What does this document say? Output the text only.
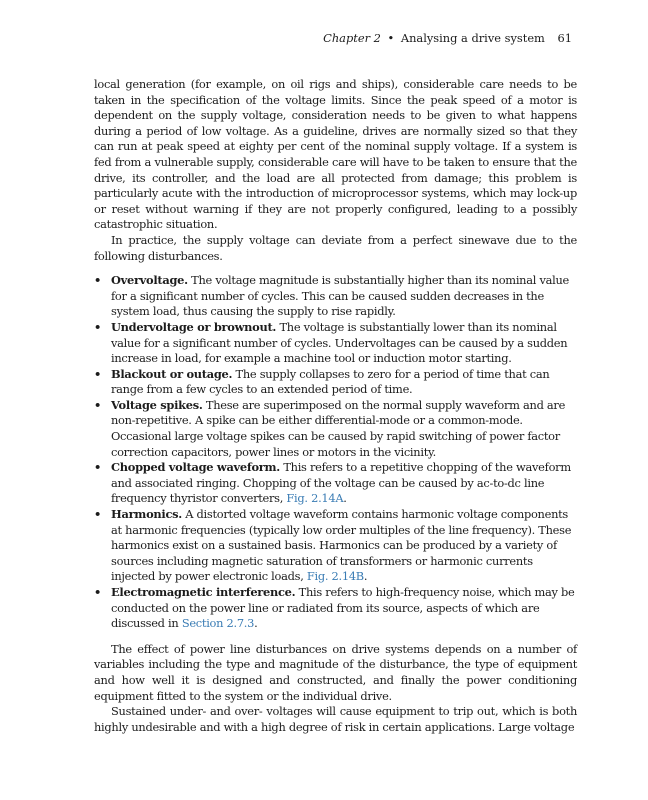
Chapter 2 • Analysing a drive system 61

local generation (for example, on oil rigs and ships), considerable care needs to be taken in the specification of the voltage limits. Since the peak speed of a motor is dependent on the supply voltage, consideration needs to be given to what happens during a period of low voltage. As a guideline, drives are normally sized so that they can run at peak speed at eighty per cent of the nominal supply voltage. If a system is fed from a vulnerable supply, considerable care will have to be taken to ensure that the drive, its controller, and the load are all protected from damage; this problem is particularly acute with the introduction of microprocessor systems, which may lock-up or reset without warning if they are not properly configured, leading to a possibly catastrophic situation.

In practice, the supply voltage can deviate from a perfect sinewave due to the following disturbances.

• Overvoltage. The voltage magnitude is substantially higher than its nominal value for a significant number of cycles. This can be caused sudden decreases in the system load, thus causing the supply to rise rapidly.
• Undervoltage or brownout. The voltage is substantially lower than its nominal value for a significant number of cycles. Undervoltages can be caused by a sudden increase in load, for example a machine tool or induction motor starting.
• Blackout or outage. The supply collapses to zero for a period of time that can range from a few cycles to an extended period of time.
• Voltage spikes. These are superimposed on the normal supply waveform and are non-repetitive. A spike can be either differential-mode or a common-mode. Occasional large voltage spikes can be caused by rapid switching of power factor correction capacitors, power lines or motors in the vicinity.
• Chopped voltage waveform. This refers to a repetitive chopping of the waveform and associated ringing. Chopping of the voltage can be caused by ac-to-dc line frequency thyristor converters, Fig. 2.14A.
• Harmonics. A distorted voltage waveform contains harmonic voltage components at harmonic frequencies (typically low order multiples of the line frequency). These harmonics exist on a sustained basis. Harmonics can be produced by a variety of sources including magnetic saturation of transformers or harmonic currents injected by power electronic loads, Fig. 2.14B.
• Electromagnetic interference. This refers to high-frequency noise, which may be conducted on the power line or radiated from its source, aspects of which are discussed in Section 2.7.3.

The effect of power line disturbances on drive systems depends on a number of variables including the type and magnitude of the disturbance, the type of equipment and how well it is designed and constructed, and finally the power conditioning equipment fitted to the system or the individual drive.

Sustained under- and over- voltages will cause equipment to trip out, which is both highly undesirable and with a high degree of risk in certain applications. Large voltage
